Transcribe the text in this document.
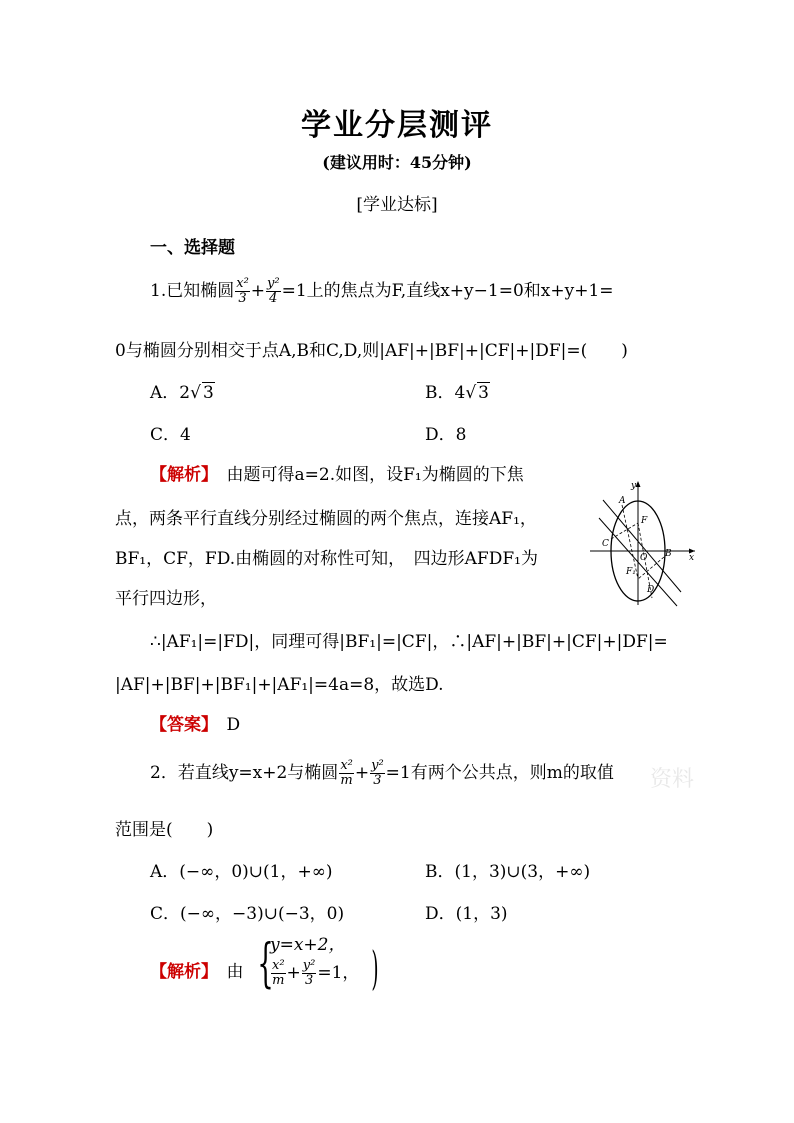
学业分层测评
(建议用时：45分钟)
[学业达标]
一、选择题
1.已知椭圆 $\frac{\text{x²}}{3} + \frac{\text{y²}}{4} =1$上的焦点为F,直线x+y−1=0和x+y+1=
0与椭圆分别相交于点A,B和C,D,则|AF|+|BF|+|CF|+|DF|=(　　)
A．2√ 3	B．4√ 3
C．4	D．8
【解析】　 由题可得a=2.如图，设F₁为椭圆的下焦
点，两条平行直线分别经过椭圆的两个焦点，连接AF₁，
BF₁，CF，FD.由椭圆的对称性可知，　四边形AFDF₁为
平行四边形，
∴|AF₁|=|FD|，同理可得|BF₁|=|CF|，∴|AF|+|BF|+|CF|+|DF|=
|AF|+|BF|+|BF₁|+|AF₁|=4a=8，故选D.
【答案】　 D
y
x
A
F
C
O B
F₁
D
2．若直线y=x+2与椭圆 $\frac{\text{x²}}{m} + \frac{\text{y²}}{3} =1$有两个公共点，则m的取值 资料
范围是(　　)
A．(−∞，0)∪(1，+∞)	B．(1，3)∪(3，+∞)
C．(−∞，−3)∪(−3，0)	D．(1，3)
【解析】　 由 {
y=x+2，
$\frac{\text{x²}}{m} + \frac{\text{y²}}{3} =1$， )
